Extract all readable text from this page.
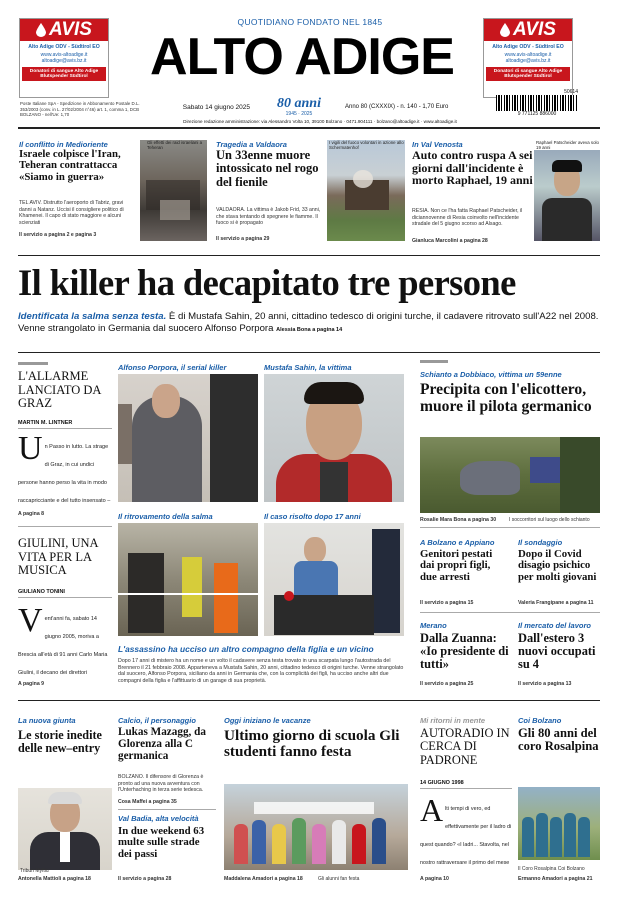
AVIS
Alto Adige ODV - Südtirol EO
www.avis-altoadige.it
altoadige@avis.bz.it
Donatori di sangue Alto Adige
Blutspender Südtirol
AVIS
Alto Adige ODV - Südtirol EO
www.avis-altoadige.it
altoadige@avis.bz.it
Donatori di sangue Alto Adige
Blutspender Südtirol
QUOTIDIANO FONDATO NEL 1845
ALTO ADIGE
Poste Italiane SpA - Spedizione in Abbonamento Postale D.L. 353/2003 (conv. in L. 27/02/2004 n°46) art. 1, comma 1, DCB BOLZANO - nell'Ue: 1,70
Sabato 14 giugno 2025	80 anni
1945 · 2025
Anno 80 (CXXXIX) - n. 140 - 1,70 Euro
50614
9 771125 886000
Direzione redazione amministrazione: via Alessandro Volta 10, 39100 Bolzano · 0471.904111 · bolzano@altoadige.it · www.altoadige.it
Il conflitto in Medioriente
Israele colpisce l'Iran, Teheran contrattacca «Siamo in guerra»
TEL AVIV. Distrutto l'aeroporto di Tabriz, gravi danni a Natanz. Uccisi il consigliere politico di Khamenei. Il capo di stato maggiore e alcuni scienziati
Il servizio a pagina 2 e pagina 3
Gli effetti dei raid israeliani a Teheran	Tragedia a Valdaora
Un 33enne muore intossicato nel rogo del fienile
VALDAORA. La vittima è Jakob Frid, 33 anni, che stava tentando di spegnere le fiamme. Il fuoco si è propagato
Il servizio a pagina 29
I vigili del fuoco volontari in azione allo Schermatenhof	In Val Venosta
Auto contro ruspa A sei giorni dall'incidente è morto Raphael, 19 anni
RESIA. Non ce l'ha fatta Raphael Patscheider, il diciannovenne di Resia coinvolto nell'incidente stradale del 5 giugno scorso ad Alsago.
Gianluca Marcolini a pagina 28
Raphael Patscheider aveva solo 19 anni
Il killer ha decapitato tre persone
Identificata la salma senza testa. È di Mustafa Sahin, 20 anni, cittadino tedesco di origini turche, il cadavere ritrovato sull'A22 nel 2008. Venne strangolato in Germania dal suocero Alfonso Porpora Alessia Bona a pagina 14
L'ALLARME LANCIATO DA GRAZ
MARTIN M. LINTNER
U n Passo in lutto. La strage di Graz, in cui undici persone hanno perso la vita in modo raccapricciante e del tutto insensato –
A pagina 8
GIULINI, UNA VITA PER LA MUSICA
GIULIANO TONINI
V ent'anni fa, sabato 14 giugno 2005, moriva a Brescia all'età di 91 anni Carlo Maria Giulini, il decano dei direttori
A pagina 9
Alfonso Porpora, il serial killer	Mustafa Sahin, la vittima
Il ritrovamento della salma	Il caso risolto dopo 17 anni
L'assassino ha ucciso un altro compagno della figlia e un vicino
Dopo 17 anni di mistero ha un nome e un volto il cadavere senza testa trovato in una scarpata lungo l'autostrada del Brennero il 21 febbraio 2008. Apparteneva a Mustafa Sahin, 20 anni, cittadino tedesco di origini turche. Venne strangolato dal suocero, Alfonso Porpora, siciliano da anni in Germania che, con la complicità dei figli, ha ucciso anche altri due compagni della figlia e l'affittuario di un garage di sua proprietà.
Schianto a Dobbiaco, vittima un 59enne
Precipita con l'elicottero, muore il pilota germanico
Rosalie Mara Bona a pagina 30	I soccorritori sul luogo dello schianto
A Bolzano e Appiano
Genitori pestati dai propri figli, due arresti
Il servizio a pagina 15
Il sondaggio
Dopo il Covid disagio psichico per molti giovani
Valeria Frangipane a pagina 11
Merano
Dalla Zuanna: «Io presidente di tutti»
Il servizio a pagina 25
Il mercato del lavoro
Dall'estero 3 nuovi occupati su 4
Il servizio a pagina 13
La nuova giunta
Le storie inedite delle new–entry
Tribun Myftiu
Antonella Mattioli a pagina 18
Calcio, il personaggio
Lukas Mazagg, da Glorenza alla C germanica
BOLZANO. Il difensore di Glorenza è pronto ad una nuova avventura con l'Unterhaching in terza serie tedesca.
Cosa Maffei a pagina 35
Val Badia, alta velocità
In due weekend 63 multe sulle strade dei passi
Il servizio a pagina 28
Oggi iniziano le vacanze
Ultimo giorno di scuola Gli studenti fanno festa
Maddalena Amadori a pagina 18	Gli alunni fan festa
Mi ritorni in mente
AUTORADIO IN CERCA DI PADRONE
14 GIUGNO 1998
A lti tempi di vero, ed effettivamente per il ladro di quest quando? «I ladri... Stavolta, nel nostro rattraversare il primo del mese
A pagina 10
Coi Bolzano
Gli 80 anni del coro Rosalpina
Il Coro Rosalpina Coi Bolzano
Ermanno Amadori a pagina 21
